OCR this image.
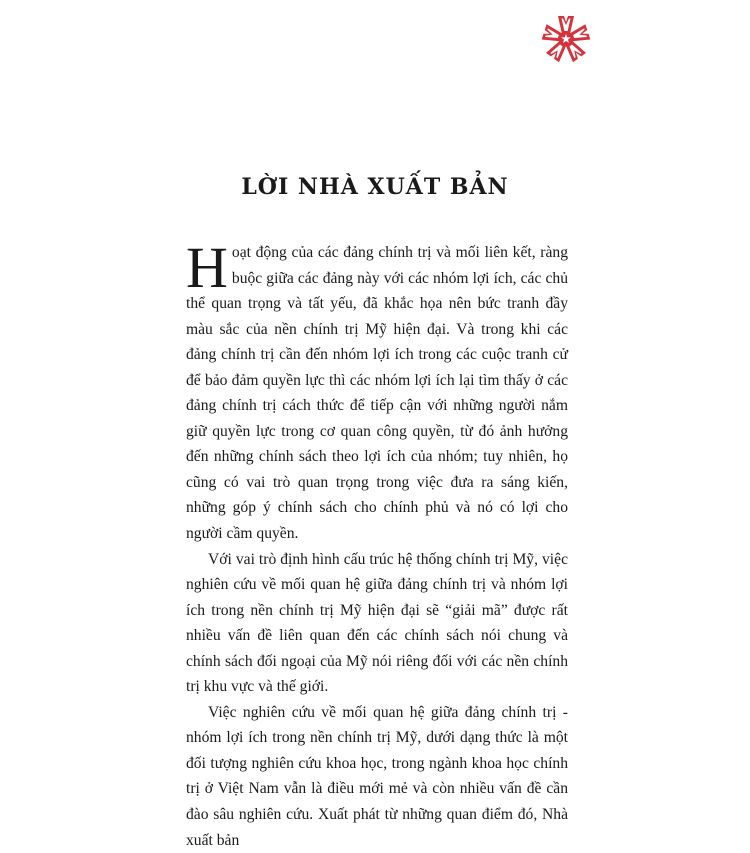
LỜI NHÀ XUẤT BẢN

Hoạt động của các đảng chính trị và mối liên kết, ràng buộc giữa các đảng này với các nhóm lợi ích, các chủ thể quan trọng và tất yếu, đã khắc họa nên bức tranh đầy màu sắc của nền chính trị Mỹ hiện đại. Và trong khi các đảng chính trị cần đến nhóm lợi ích trong các cuộc tranh cử để bảo đảm quyền lực thì các nhóm lợi ích lại tìm thấy ở các đảng chính trị cách thức để tiếp cận với những người nắm giữ quyền lực trong cơ quan công quyền, từ đó ảnh hưởng đến những chính sách theo lợi ích của nhóm; tuy nhiên, họ cũng có vai trò quan trọng trong việc đưa ra sáng kiến, những góp ý chính sách cho chính phủ và nó có lợi cho người cầm quyền.

Với vai trò định hình cấu trúc hệ thống chính trị Mỹ, việc nghiên cứu về mối quan hệ giữa đảng chính trị và nhóm lợi ích trong nền chính trị Mỹ hiện đại sẽ “giải mã” được rất nhiều vấn đề liên quan đến các chính sách nói chung và chính sách đối ngoại của Mỹ nói riêng đối với các nền chính trị khu vực và thế giới.

Việc nghiên cứu về mối quan hệ giữa đảng chính trị - nhóm lợi ích trong nền chính trị Mỹ, dưới dạng thức là một đối tượng nghiên cứu khoa học, trong ngành khoa học chính trị ở Việt Nam vẫn là điều mới mẻ và còn nhiều vấn đề cần đào sâu nghiên cứu. Xuất phát từ những quan điểm đó, Nhà xuất bản
